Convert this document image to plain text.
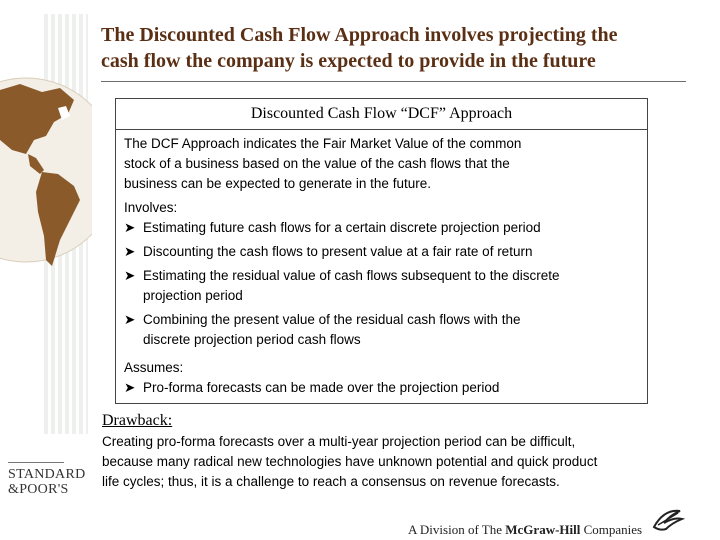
STANDARD
&POOR'S
The Discounted Cash Flow Approach involves projecting the
cash flow the company is expected to provide in the future
Discounted Cash Flow “DCF” Approach

The DCF Approach indicates the Fair Market Value of the common

stock of a business based on the value of the cash flows that the

business can be expected to generate in the future.

Involves:

➤ Estimating future cash flows for a certain discrete projection period

➤ Discounting the cash flows to present value at a fair rate of return

➤ Estimating the residual value of cash flows subsequent to the discrete

projection period

➤ Combining the present value of the residual cash flows with the

discrete projection period cash flows

Assumes:

➤ Pro-forma forecasts can be made over the projection period

Drawback:
Creating pro-forma forecasts over a multi-year projection period can be difficult,
because many radical new technologies have unknown potential and quick product
life cycles; thus, it is a challenge to reach a consensus on revenue forecasts.
A Division of The McGraw-Hill Companies
